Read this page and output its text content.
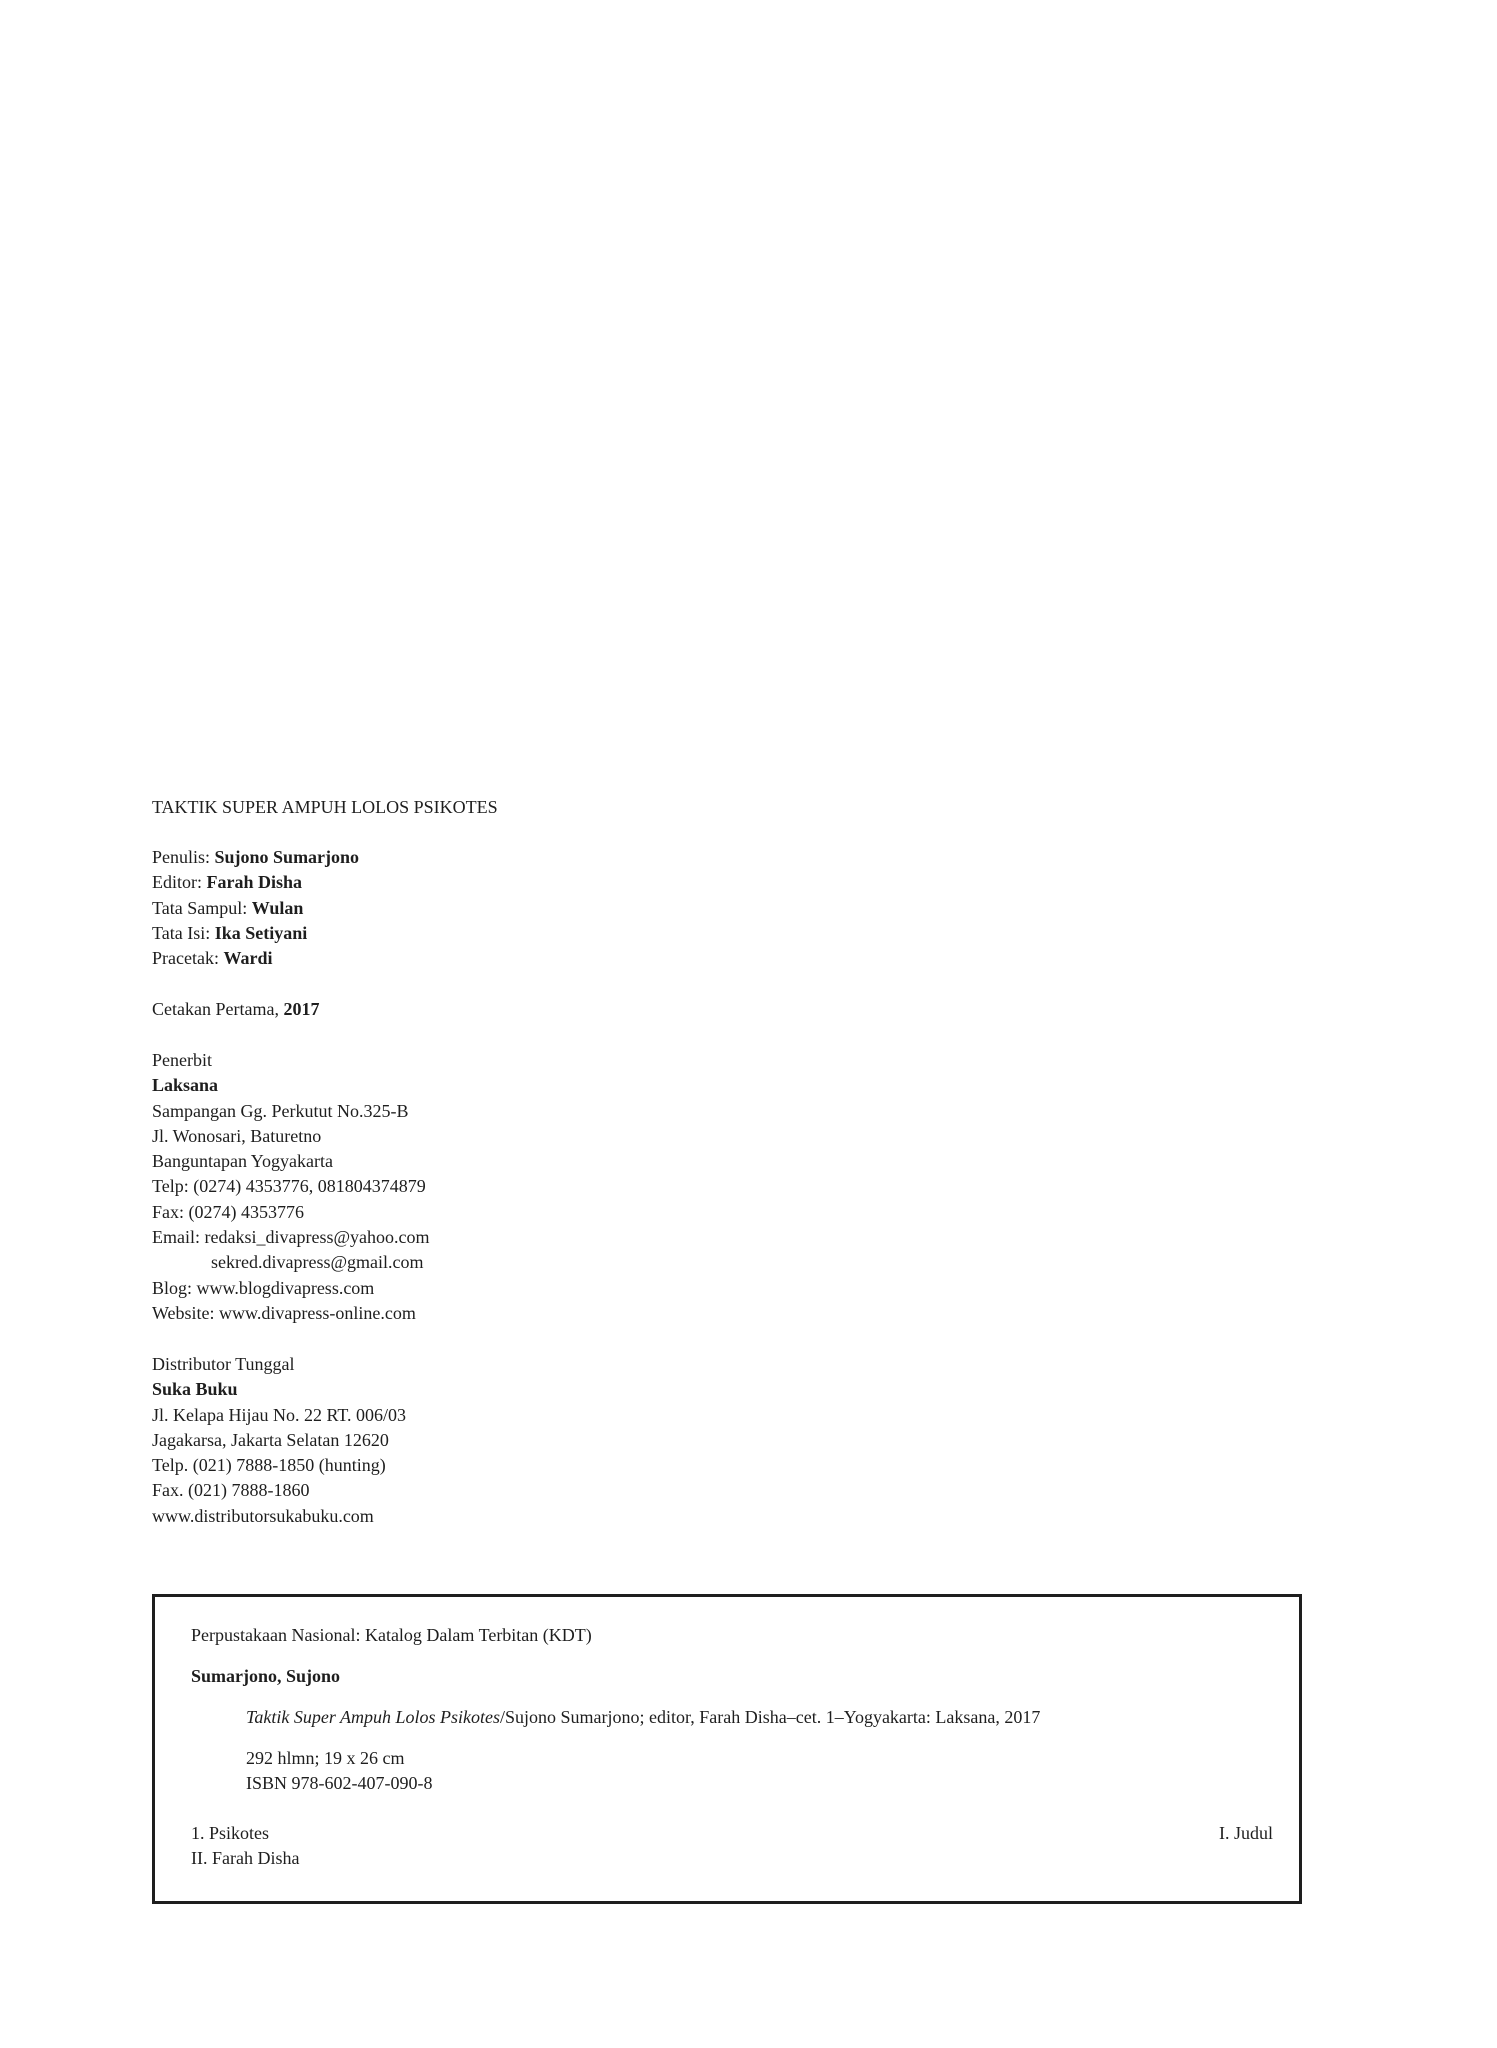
TAKTIK SUPER AMPUH LOLOS PSIKOTES
Penulis: Sujono Sumarjono
Editor: Farah Disha
Tata Sampul: Wulan
Tata Isi: Ika Setiyani
Pracetak: Wardi
Cetakan Pertama, 2017
Penerbit
Laksana
Sampangan Gg. Perkutut No.325-B
Jl. Wonosari, Baturetno
Banguntapan Yogyakarta
Telp: (0274) 4353776, 081804374879
Fax: (0274) 4353776
Email: redaksi_divapress@yahoo.com
sekred.divapress@gmail.com
Blog: www.blogdivapress.com
Website: www.divapress-online.com
Distributor Tunggal
Suka Buku
Jl. Kelapa Hijau No. 22 RT. 006/03
Jagakarsa, Jakarta Selatan 12620
Telp. (021) 7888-1850 (hunting)
Fax. (021) 7888-1860
www.distributorsukabuku.com
Perpustakaan Nasional: Katalog Dalam Terbitan (KDT)
Sumarjono, Sujono
Taktik Super Ampuh Lolos Psikotes/Sujono Sumarjono; editor, Farah Disha–cet. 1–Yogyakarta: Laksana, 2017
292 hlmn; 19 x 26 cm
ISBN 978-602-407-090-8
1. Psikotes
II. Farah Disha
I. Judul
